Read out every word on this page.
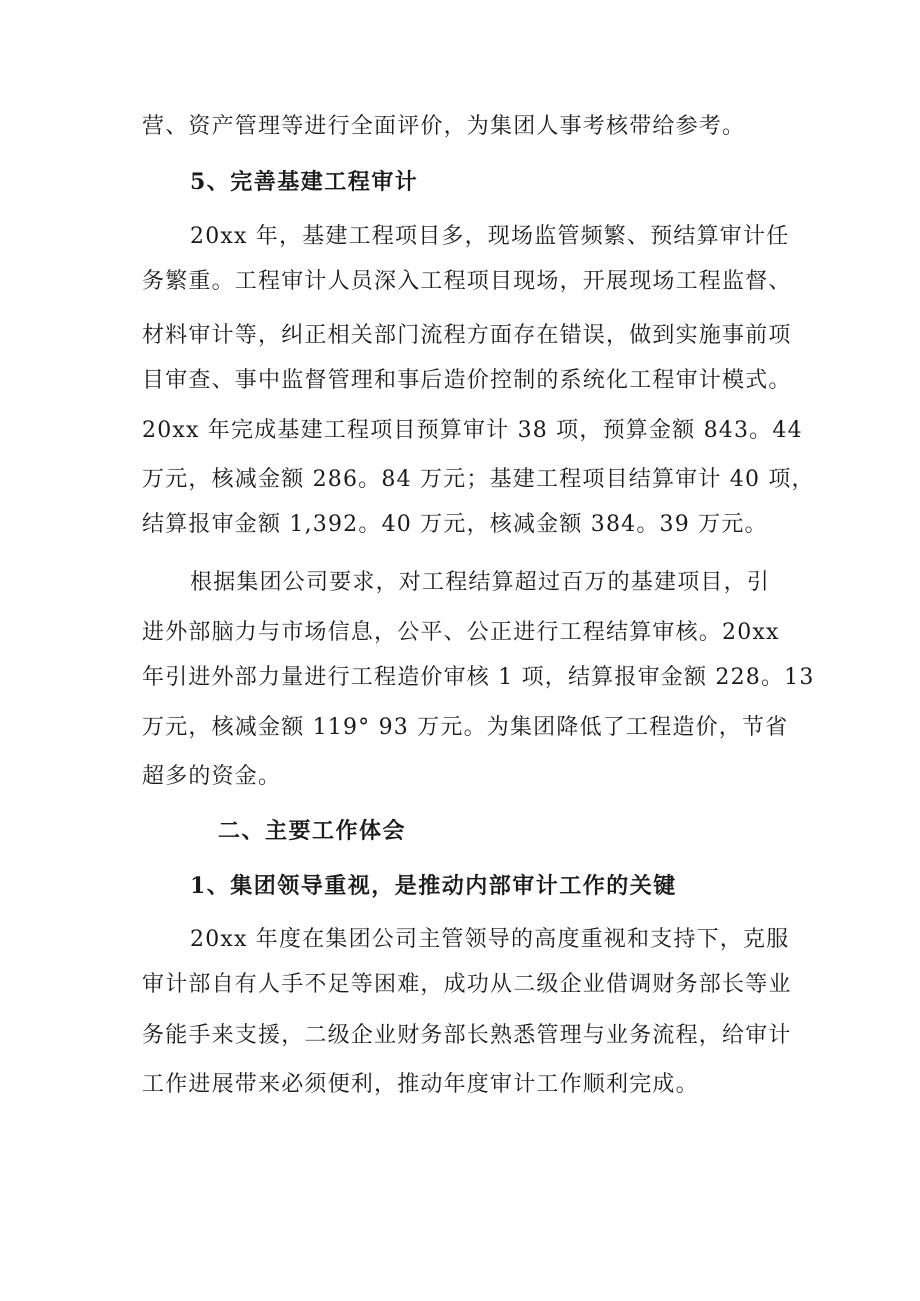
营、资产管理等进行全面评价，为集团人事考核带给参考。
5、完善基建工程审计
20xx 年，基建工程项目多，现场监管频繁、预结算审计任
务繁重。工程审计人员深入工程项目现场，开展现场工程监督、
材料审计等，纠正相关部门流程方面存在错误，做到实施事前项
目审查、事中监督管理和事后造价控制的系统化工程审计模式。
20xx 年完成基建工程项目预算审计 38 项，预算金额 843。44
万元，核减金额 286。84 万元；基建工程项目结算审计 40 项，
结算报审金额 1,392。40 万元，核减金额 384。39 万元。
根据集团公司要求，对工程结算超过百万的基建项目，引
进外部脑力与市场信息，公平、公正进行工程结算审核。20xx
年引进外部力量进行工程造价审核 1 项，结算报审金额 228。13
万元，核减金额 119° 93 万元。为集团降低了工程造价，节省
超多的资金。
二、主要工作体会
1、集团领导重视，是推动内部审计工作的关键
20xx 年度在集团公司主管领导的高度重视和支持下，克服
审计部自有人手不足等困难，成功从二级企业借调财务部长等业
务能手来支援，二级企业财务部长熟悉管理与业务流程，给审计
工作进展带来必须便利，推动年度审计工作顺利完成。
